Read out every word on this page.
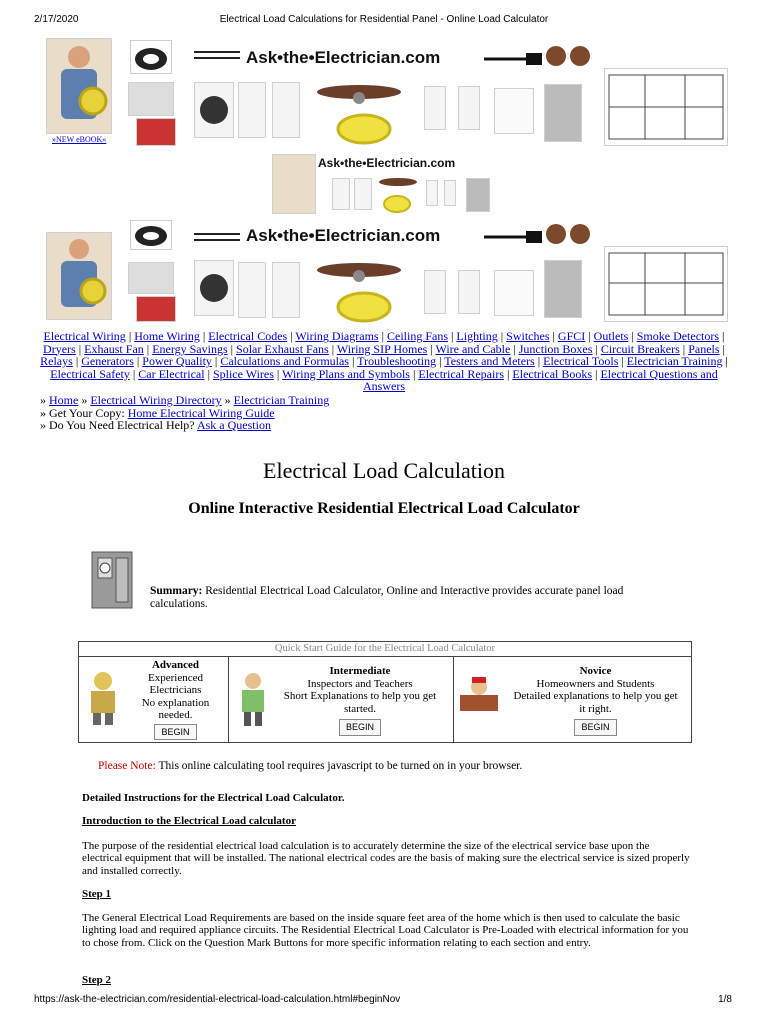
2/17/2020	Electrical Load Calculations for Residential Panel - Online Load Calculator
»NEW eBOOK«
Ask•the•Electrician.com
Ask•the•Electrician.com
Ask•the•Electrician.com
Electrical Wiring | Home Wiring | Electrical Codes | Wiring Diagrams | Ceiling Fans | Lighting | Switches | GFCI | Outlets | Smoke Detectors | Dryers | Exhaust Fan | Energy Savings | Solar Exhaust Fans | Wiring SIP Homes | Wire and Cable | Junction Boxes | Circuit Breakers | Panels | Relays | Generators | Power Quality | Calculations and Formulas | Troubleshooting | Testers and Meters | Electrical Tools | Electrician Training | Electrical Safety | Car Electrical | Splice Wires | Wiring Plans and Symbols | Electrical Repairs | Electrical Books | Electrical Questions and Answers
» Home » Electrical Wiring Directory » Electrician Training
» Get Your Copy: Home Electrical Wiring Guide
» Do You Need Electrical Help? Ask a Question
Electrical Load Calculation
Online Interactive Residential Electrical Load Calculator
Summary: Residential Electrical Load Calculator, Online and Interactive provides accurate panel load calculations.
Quick Start Guide for the Electrical Load Calculator
Advanced
Experienced
Electricians
No explanation
needed.
BEGIN
Intermediate
Inspectors and Teachers
Short Explanations to help you get
started.
BEGIN
Novice
Homeowners and Students
Detailed explanations to help you get
it right.
BEGIN
Please Note: This online calculating tool requires javascript to be turned on in your browser.
Detailed Instructions for the Electrical Load Calculator.
Introduction to the Electrical Load calculator
The purpose of the residential electrical load calculation is to accurately determine the size of the electrical service base upon the electrical equipment that will be installed. The national electrical codes are the basis of making sure the electrical service is sized properly and installed correctly.
Step 1
The General Electrical Load Requirements are based on the inside square feet area of the home which is then used to calculate the basic lighting load and required appliance circuits. The Residential Electrical Load Calculator is Pre-Loaded with electrical information for you to chose from. Click on the Question Mark Buttons for more specific information relating to each section and entry.
Step 2
https://ask-the-electrician.com/residential-electrical-load-calculation.html#beginNov	1/8
